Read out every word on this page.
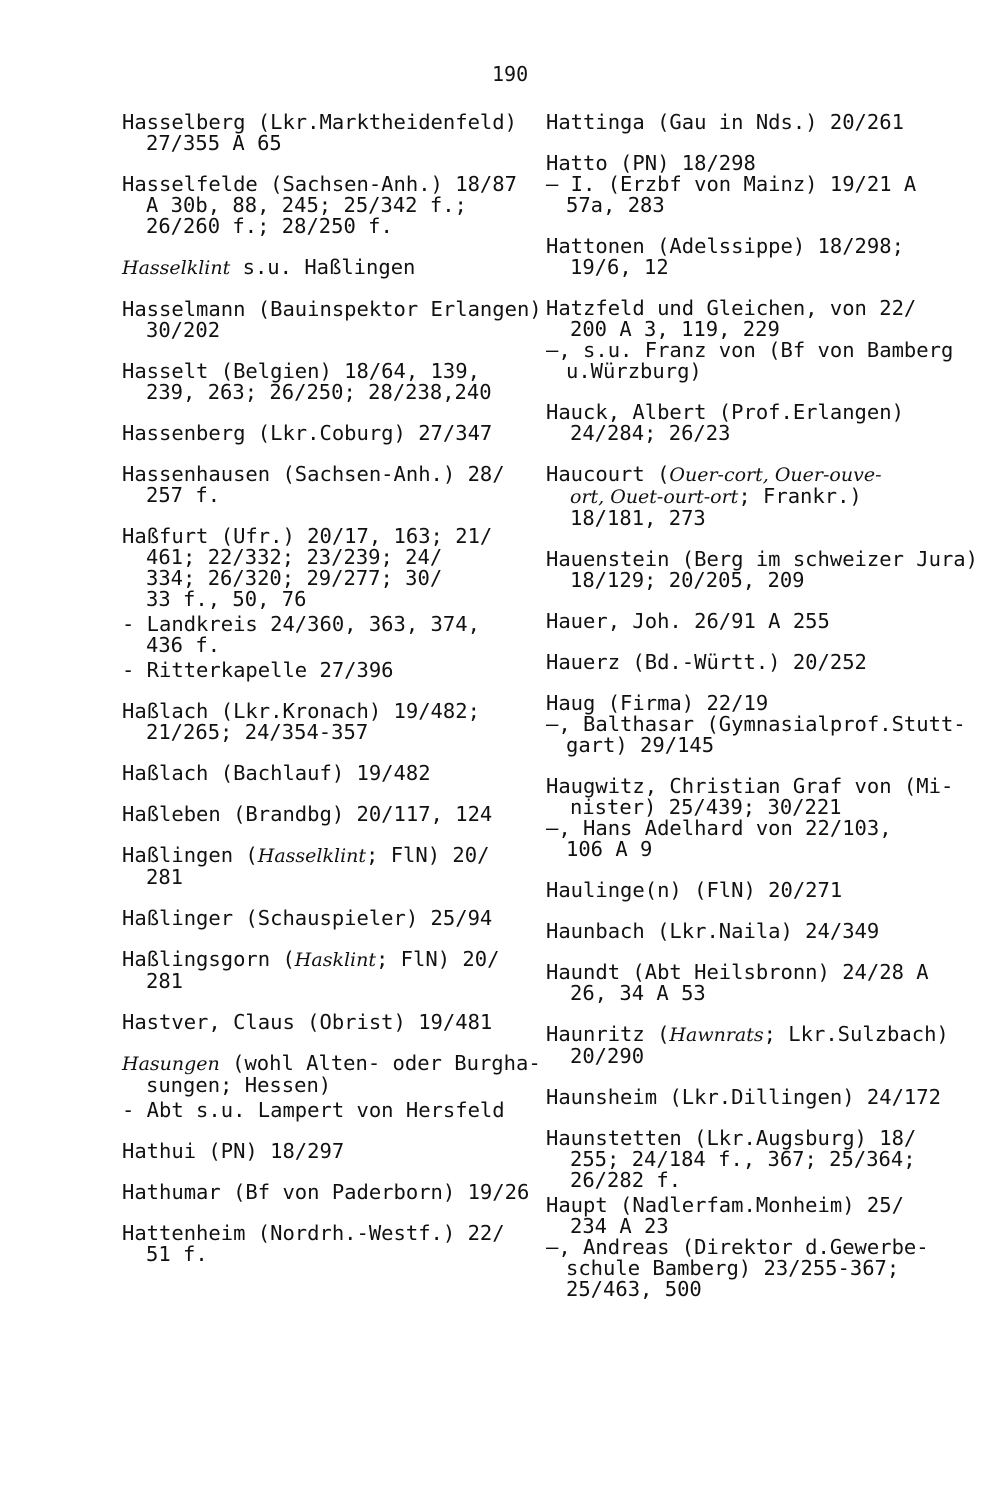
190
Hasselberg (Lkr.Marktheidenfeld)
27/355 A 65
Hasselfelde (Sachsen-Anh.) 18/87
A 30b, 88, 245; 25/342 f.;
26/260 f.; 28/250 f.
Hasselklint s.u. Haßlingen
Hasselmann (Bauinspektor Erlangen)
30/202
Hasselt (Belgien) 18/64, 139,
239, 263; 26/250; 28/238,240
Hassenberg (Lkr.Coburg) 27/347
Hassenhausen (Sachsen-Anh.) 28/
257 f.
Haßfurt (Ufr.) 20/17, 163; 21/
461; 22/332; 23/239; 24/
334; 26/320; 29/277; 30/
33 f., 50, 76
- Landkreis 24/360, 363, 374,
436 f.
- Ritterkapelle 27/396
Haßlach (Lkr.Kronach) 19/482;
21/265; 24/354-357
Haßlach (Bachlauf) 19/482
Haßleben (Brandbg) 20/117, 124
Haßlingen (Hasselklint; FlN) 20/
281
Haßlinger (Schauspieler) 25/94
Haßlingsgorn (Hasklint; FlN) 20/
281
Hastver, Claus (Obrist) 19/481
Hasungen (wohl Alten- oder Burgha-
sungen; Hessen)
- Abt s.u. Lampert von Hersfeld
Hathui (PN) 18/297
Hathumar (Bf von Paderborn) 19/26
Hattenheim (Nordrh.-Westf.) 22/
51 f.
Hattinga (Gau in Nds.) 20/261
Hatto (PN) 18/298
— I. (Erzbf von Mainz) 19/21 A
57a, 283
Hattonen (Adelssippe) 18/298;
19/6, 12
Hatzfeld und Gleichen, von 22/
200 A 3, 119, 229
—, s.u. Franz von (Bf von Bamberg
u.Würzburg)
Hauck, Albert (Prof.Erlangen)
24/284; 26/23
Haucourt (Ouer-cort, Ouer-ouve-
ort, Ouet-ourt-ort; Frankr.)
18/181, 273
Hauenstein (Berg im schweizer Jura)
18/129; 20/205, 209
Hauer, Joh. 26/91 A 255
Hauerz (Bd.-Württ.) 20/252
Haug (Firma) 22/19
—, Balthasar (Gymnasialprof.Stutt-
gart) 29/145
Haugwitz, Christian Graf von (Mi-
nister) 25/439; 30/221
—, Hans Adelhard von 22/103,
106 A 9
Haulinge(n) (FlN) 20/271
Haunbach (Lkr.Naila) 24/349
Haundt (Abt Heilsbronn) 24/28 A
26, 34 A 53
Haunritz (Hawnrats; Lkr.Sulzbach)
20/290
Haunsheim (Lkr.Dillingen) 24/172
Haunstetten (Lkr.Augsburg) 18/
255; 24/184 f., 367; 25/364;
26/282 f.
Haupt (Nadlerfam.Monheim) 25/
234 A 23
—, Andreas (Direktor d.Gewerbe-
schule Bamberg) 23/255-367;
25/463, 500
